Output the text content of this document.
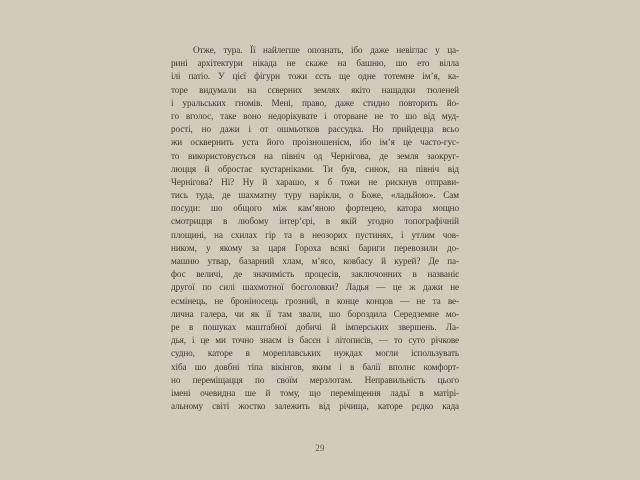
Отже, тура. Її найлегше опознать, ібо даже невіглас у ца-
рині архітектури нікада не скаже на башню, шо ето вілла
ілі патіо. У цієї фігури тожи єсть ще одне тотемне ім’я, ка-
торе видумали на сєверних землях якіто нащадки тюленей
і уральських гномів. Мені, право, даже стидно повторить йо-
го вголос, таке воно недорікувате і оторване не то шо від муд-
рості, но дажи і от ошмьотков рассудка. Но прийдецца всьо
жи осквернить уста його проізношенієм, ібо ім’я це часто-гус-
то використовується на північ од Чернігова, де земля заокруг-
люцця й обростає кустарніками. Ти був, синок, на північ від
Чернігова? Ні? Ну й харашо, я б тожи не рискнув отправи-
тись туда, де шахматну туру нарікли, о Боже, «ладьйою». Сам
посуди: шо общого між кам’яною фортецею, катора мощно
смотрицця в любому інтер’єрі, в якій угодно топографічній
площині, на схилах гір та в неозорих пустинях, і утлим чов-
ником, у якому за царя Гороха всякі бариги перевозили до-
машню утвар, базарний хлам, м’ясо, ковбасу й курей? Де па-
фос величі, де значимість процесів, заключонних в названіє
другої по силі шахмотної боєголовки? Ладья — це ж дажи не
есмінець, не броніносець грозний, в конце концов — не та ве-
лична галера, чи як її там звали, шо бороздила Середземне мо-
ре в пошуках маштабної добичі й імперських звершень. Ла-
дья, і це ми точно знаєм із басєн і літописів, — то суто річкове
судно, каторе в мореплавських нуждах могли іспользувать
хіба шо довбні тіпа вікінгов, яким і в балії вполнє комфорт-
но переміщацця по своїм мерзлотам. Неправильність цього
імені очевидна ше й тому, що переміщення ладьї в матірі-
альному світі жостко залежить від річища, каторе рєдко када
29
